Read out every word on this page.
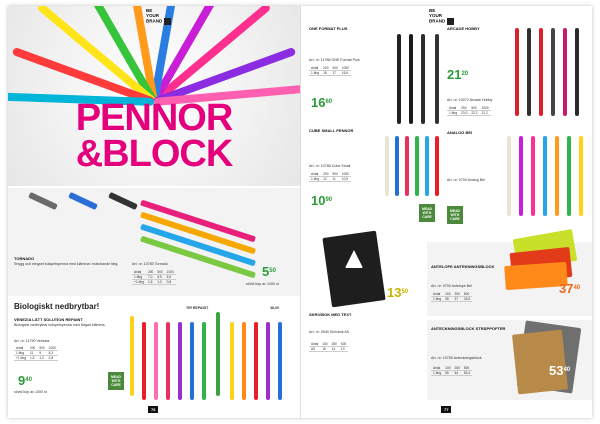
PENNOR
&BLOCK
BE
YOUR
BRAND
TORNADO
Snygg och elegant kulspetspenna med klämma i matchande färg.	Art. nr: 10780 Tornado
Antal	200	500	1000
1 färg	7,0	6,5	5,5
+1 färg	1,5	1,0	0,8
$5^{50}$
st/vid köp av 1000 st
Biologiskt nedbrytbar!
VENEZIA LÄTT SOLUTION REPAINT
Biologiskt nedbrytbar kulspetspenna med färgad klämma.
Art. nr: 11790 Venezia
Antal	200	500	1000
1 färg	11	9	8,3
+1 färg	1,5	1,0	0,8
$9^{40}$
st/vid köp av 1000 st
MEAD WITH CARE
TIR REPAINT	38,00
76
BE
YOUR
BRAND
ONE FORMAT PLUS
Art. nr: 11788 ONE Format Plus
Antal	200	500	1000
1 färg	18	17	16,6
$16^{60}$
ARCADE HOBBY
$21^{20}$
Art. nr: 10072 Arcade Hobby
Antal	250	500	1000
1 färg	23,0	22,2	21,2
CUBE SMALL PENNOR
Art. nr: 10786 Cube Small
Antal	200	500	1000
1 färg	12	11	10,9
$10^{90}$
MEAD WITH CARE
ANALOG BEI
Art. nr: 0709 Analog Bei
MEAD WITH CARE
$13^{50}$
SKRIVBOK MED TEXT
Art. nr: 0940 Skrivbok A5
Antal	100	250	500
A5	15	14	13
ANTELOPE ANTEKNINGSBLOCK
Art. nr: 0700 Antelope Bei
Antal	100	250	500
1 färg	38	37	33,5
$37^{40}$
ANTECKNINGSBLOCK STRÄPPOFTER
Art. nr: 10755 Anteckningsblock
Antal	100	250	500
1 färg	55	54	53,4	$53^{40}$
77
